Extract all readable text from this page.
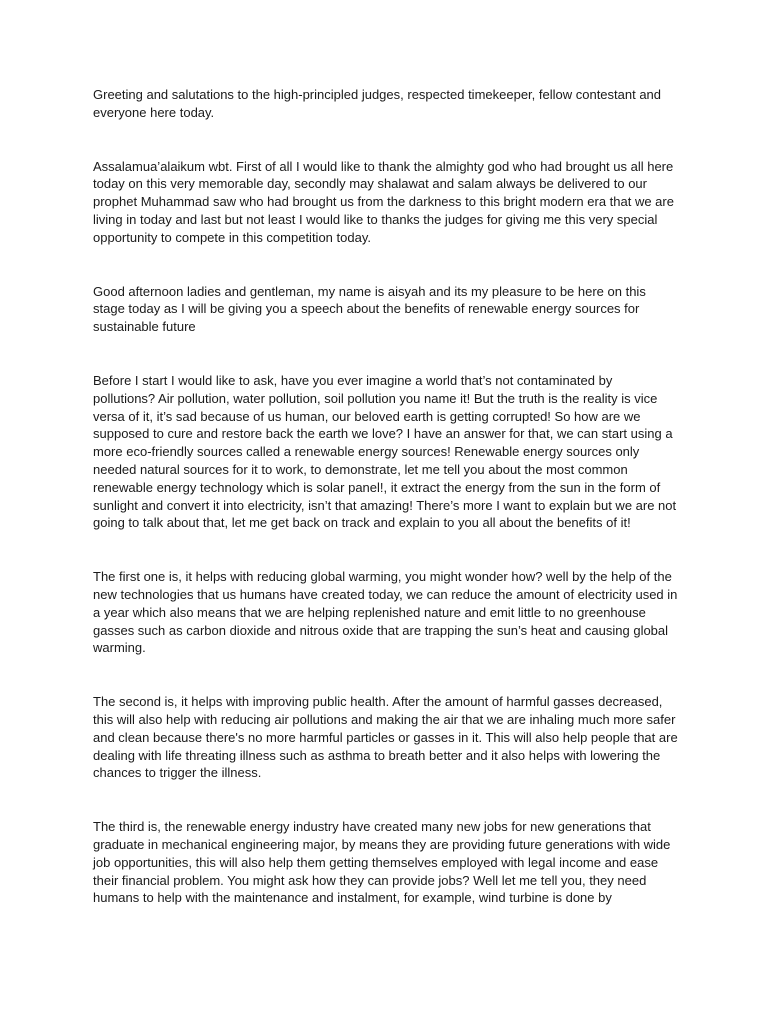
Greeting and salutations to the high-principled judges, respected timekeeper, fellow contestant and everyone here today.

Assalamua’alaikum wbt. First of all I would like to thank the almighty god who had brought us all here today on this very memorable day, secondly may shalawat and salam always be delivered to our prophet Muhammad saw who had brought us from the darkness to this bright modern era that we are living in today and last but not least I would like to thanks the judges for giving me this very special opportunity to compete in this competition today.

Good afternoon ladies and gentleman, my name is aisyah and its my pleasure to be here on this stage today as I will be giving you a speech about the benefits of renewable energy sources for sustainable future

Before I start I would like to ask, have you ever imagine a world that’s not contaminated by pollutions? Air pollution, water pollution, soil pollution you name it! But the truth is the reality is vice versa of it, it’s sad because of us human, our beloved earth is getting corrupted! So how are we supposed to cure and restore back the earth we love? I have an answer for that, we can start using a more eco-friendly sources called a renewable energy sources! Renewable energy sources only needed natural sources for it to work, to demonstrate, let me tell you about the most common renewable energy technology which is solar panel!, it extract the energy from the sun in the form of sunlight and convert it into electricity, isn’t that amazing! There’s more I want to explain but we are not going to talk about that, let me get back on track and explain to you all about the benefits of it!

The first one is, it helps with reducing global warming, you might wonder how? well by the help of the new technologies that us humans have created today, we can reduce the amount of electricity used in a year which also means that we are helping replenished nature and emit little to no greenhouse gasses such as carbon dioxide and nitrous oxide that are trapping the sun’s heat and causing global warming.

The second is, it helps with improving public health. After the amount of harmful gasses decreased, this will also help with reducing air pollutions and making the air that we are inhaling much more safer and clean because there's no more harmful particles or gasses in it. This will also help people that are dealing with life threating illness such as asthma to breath better and it also helps with lowering the chances to trigger the illness.

The third is, the renewable energy industry have created many new jobs for new generations that graduate in mechanical engineering major, by means they are providing future generations with wide job opportunities, this will also help them getting themselves employed with legal income and ease their financial problem. You might ask how they can provide jobs? Well let me tell you, they need humans to help with the maintenance and instalment, for example, wind turbine is done by
